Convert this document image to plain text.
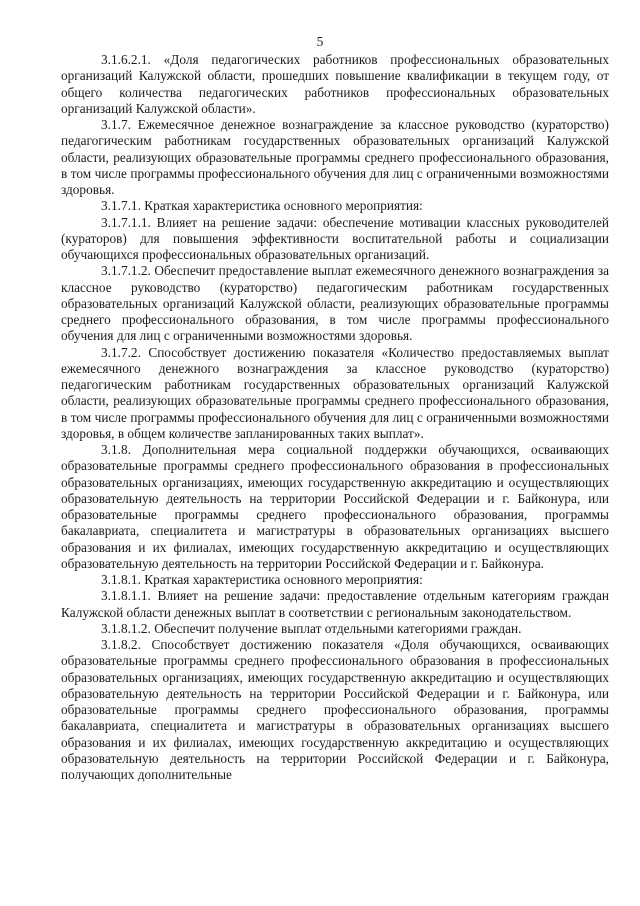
5

3.1.6.2.1. «Доля педагогических работников профессиональных образовательных организаций Калужской области, прошедших повышение квалификации в текущем году, от общего количества педагогических работников профессиональных образовательных организаций Калужской области».

3.1.7. Ежемесячное денежное вознаграждение за классное руководство (кураторство) педагогическим работникам государственных образовательных организаций Калужской области, реализующих образовательные программы среднего профессионального образования, в том числе программы профессионального обучения для лиц с ограниченными возможностями здоровья.

3.1.7.1. Краткая характеристика основного мероприятия:

3.1.7.1.1. Влияет на решение задачи: обеспечение мотивации классных руководителей (кураторов) для повышения эффективности воспитательной работы и социализации обучающихся профессиональных образовательных организаций.

3.1.7.1.2. Обеспечит предоставление выплат ежемесячного денежного вознаграждения за классное руководство (кураторство) педагогическим работникам государственных образовательных организаций Калужской области, реализующих образовательные программы среднего профессионального образования, в том числе программы профессионального обучения для лиц с ограниченными возможностями здоровья.

3.1.7.2. Способствует достижению показателя «Количество предоставляемых выплат ежемесячного денежного вознаграждения за классное руководство (кураторство) педагогическим работникам государственных образовательных организаций Калужской области, реализующих образовательные программы среднего профессионального образования, в том числе программы профессионального обучения для лиц с ограниченными возможностями здоровья, в общем количестве запланированных таких выплат».

3.1.8. Дополнительная мера социальной поддержки обучающихся, осваивающих образовательные программы среднего профессионального образования в профессиональных образовательных организациях, имеющих государственную аккредитацию и осуществляющих образовательную деятельность на территории Российской Федерации и г. Байконура, или образовательные программы среднего профессионального образования, программы бакалавриата, специалитета и магистратуры в образовательных организациях высшего образования и их филиалах, имеющих государственную аккредитацию и осуществляющих образовательную деятельность на территории Российской Федерации и г. Байконура.

3.1.8.1. Краткая характеристика основного мероприятия:

3.1.8.1.1. Влияет на решение задачи: предоставление отдельным категориям граждан Калужской области денежных выплат в соответствии с региональным законодательством.

3.1.8.1.2. Обеспечит получение выплат отдельными категориями граждан.

3.1.8.2. Способствует достижению показателя «Доля обучающихся, осваивающих образовательные программы среднего профессионального образования в профессиональных образовательных организациях, имеющих государственную аккредитацию и осуществляющих образовательную деятельность на территории Российской Федерации и г. Байконура, или образовательные программы среднего профессионального образования, программы бакалавриата, специалитета и магистратуры в образовательных организациях высшего образования и их филиалах, имеющих государственную аккредитацию и осуществляющих образовательную деятельность на территории Российской Федерации и г. Байконура, получающих дополнительные
